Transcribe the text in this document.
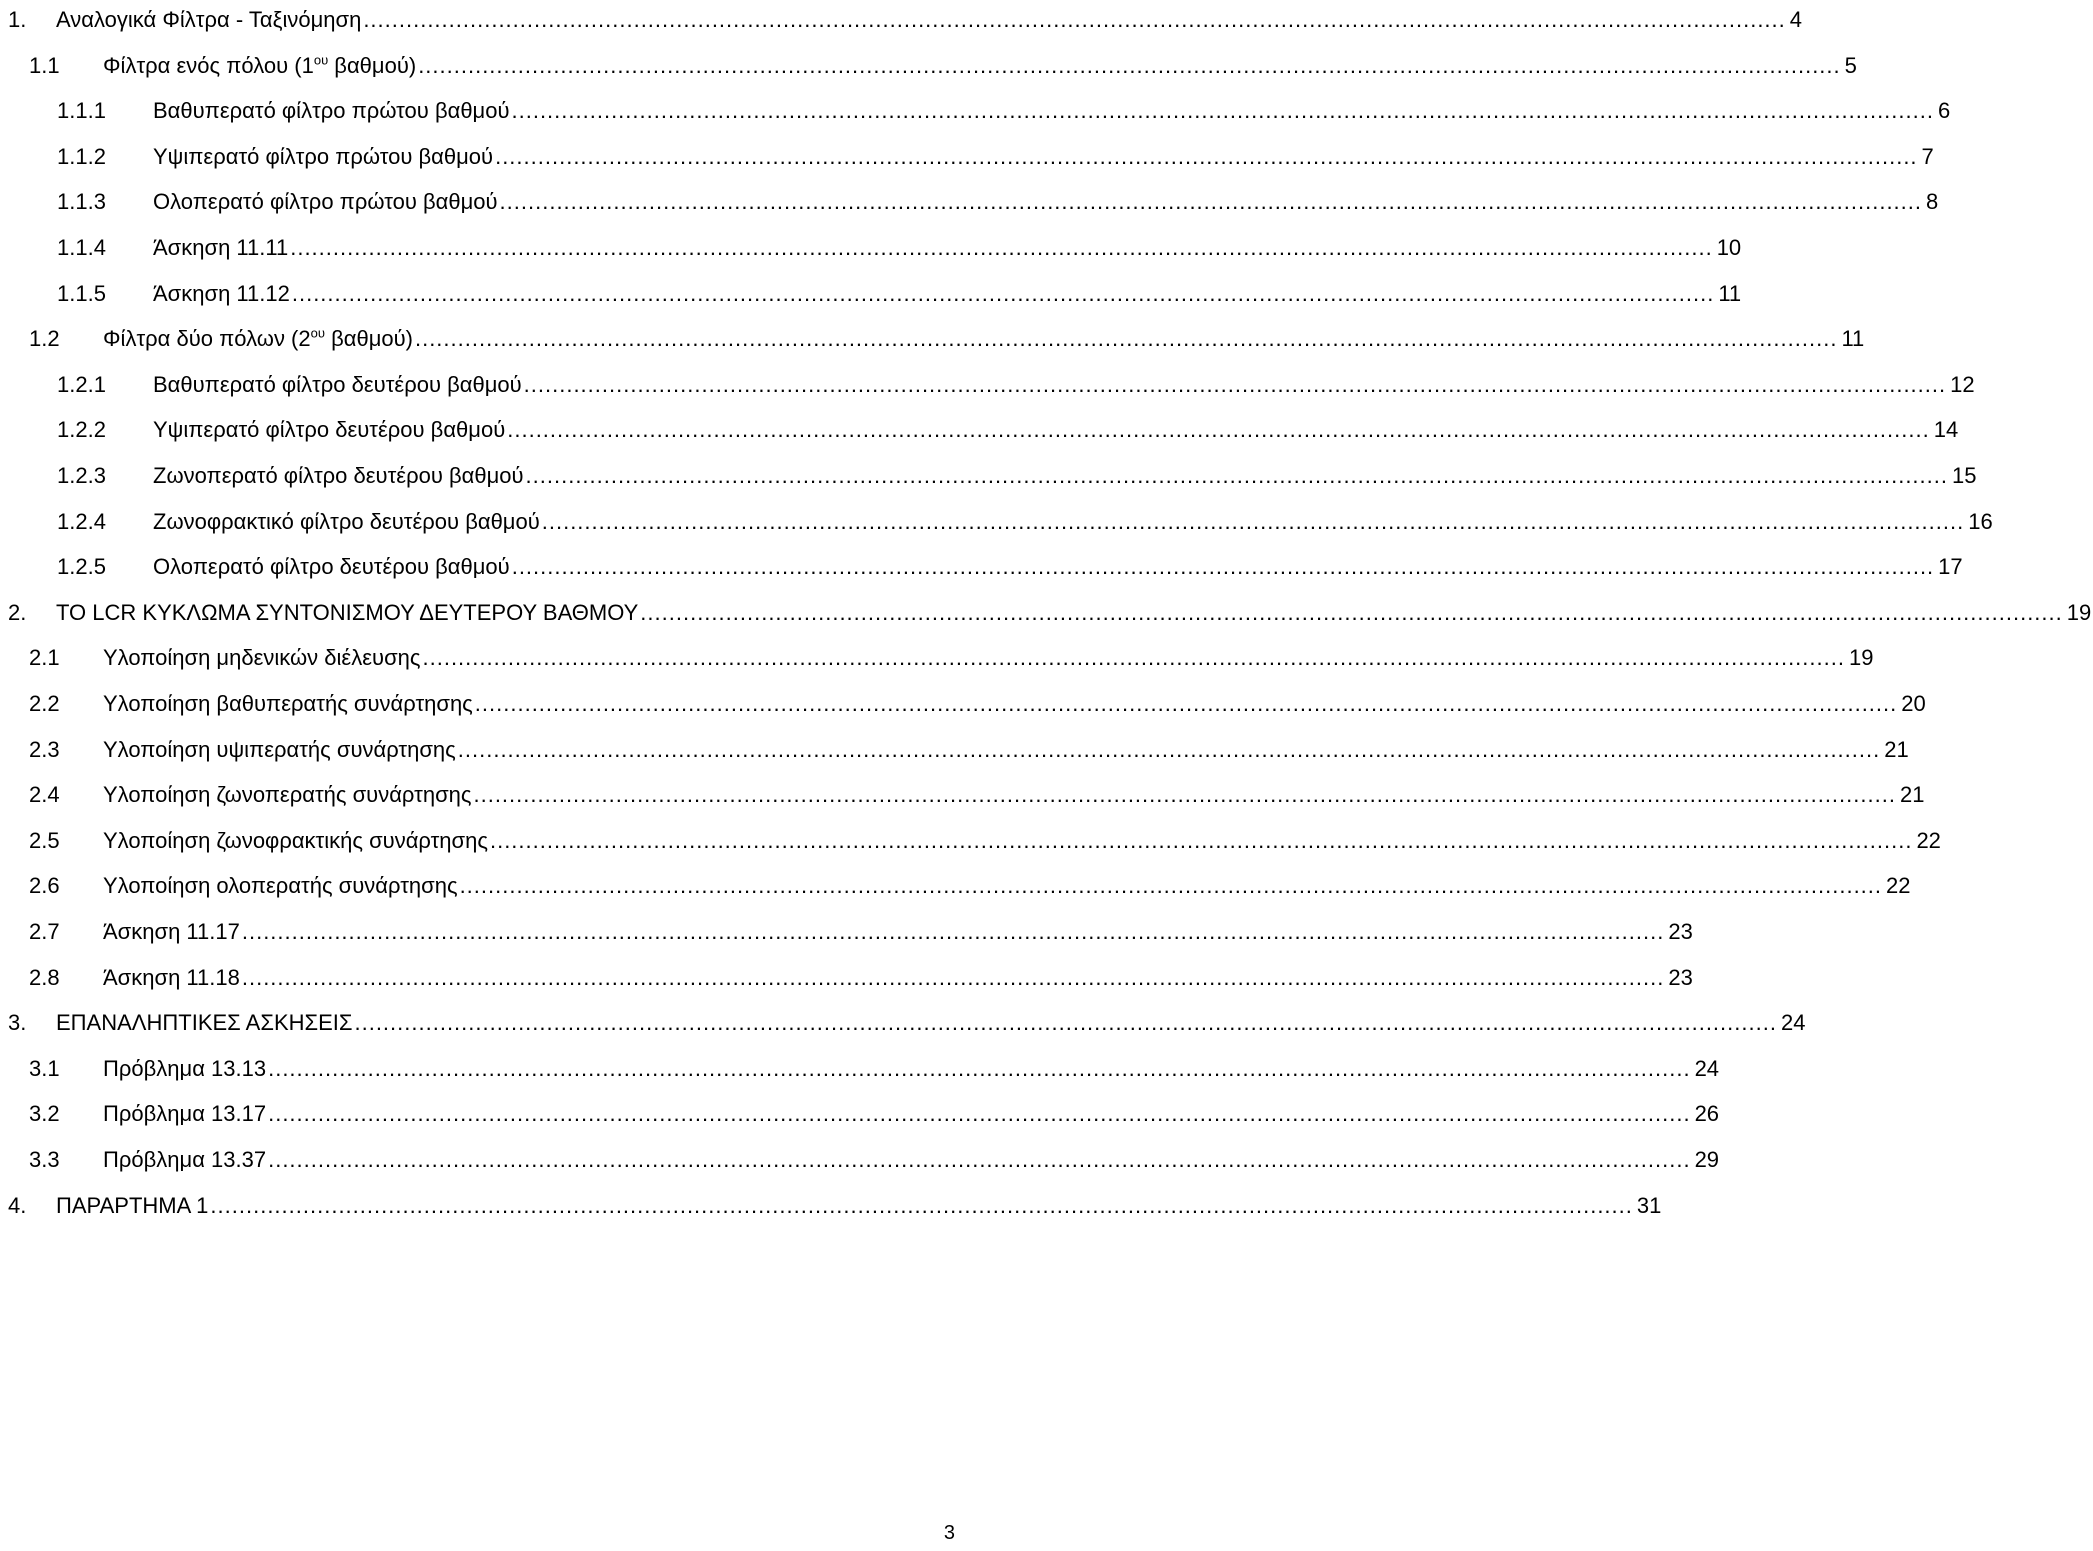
1.	Αναλογικά Φίλτρα - Ταξινόμηση ........................................................................................................................................................................................................ 4
1.1	Φίλτρα ενός πόλου ($1^{o\upsilon}$ βαθμού) ........................................................................................................................................................................................................ 5
1.1.1	Βαθυπερατό φίλτρο πρώτου βαθμού ........................................................................................................................................................................................................ 6
1.1.2	Υψιπερατό φίλτρο πρώτου βαθμού ........................................................................................................................................................................................................ 7
1.1.3	Ολοπερατό φίλτρο πρώτου βαθμού ........................................................................................................................................................................................................ 8
1.1.4	Άσκηση 11.11 ........................................................................................................................................................................................................ 10
1.1.5	Άσκηση 11.12 ........................................................................................................................................................................................................ 11
1.2	Φίλτρα δύο πόλων ($2^{o\upsilon}$ βαθμού) ........................................................................................................................................................................................................ 11
1.2.1	Βαθυπερατό φίλτρο δευτέρου βαθμού ........................................................................................................................................................................................................ 12
1.2.2	Υψιπερατό φίλτρο δευτέρου βαθμού ........................................................................................................................................................................................................ 14
1.2.3	Ζωνοπερατό φίλτρο δευτέρου βαθμού ........................................................................................................................................................................................................ 15
1.2.4	Ζωνοφρακτικό φίλτρο δευτέρου βαθμού ........................................................................................................................................................................................................ 16
1.2.5	Ολοπερατό φίλτρο δευτέρου βαθμού ........................................................................................................................................................................................................ 17
2.	ΤΟ LCR ΚΥΚΛΩΜΑ ΣΥΝΤΟΝΙΣΜΟΥ ΔΕΥΤΕΡΟΥ ΒΑΘΜΟΥ ........................................................................................................................................................................................................ 19
2.1	Υλοποίηση μηδενικών διέλευσης ........................................................................................................................................................................................................ 19
2.2	Υλοποίηση βαθυπερατής συνάρτησης ........................................................................................................................................................................................................ 20
2.3	Υλοποίηση υψιπερατής συνάρτησης ........................................................................................................................................................................................................ 21
2.4	Υλοποίηση ζωνοπερατής συνάρτησης ........................................................................................................................................................................................................ 21
2.5	Υλοποίηση ζωνοφρακτικής συνάρτησης ........................................................................................................................................................................................................ 22
2.6	Υλοποίηση ολοπερατής συνάρτησης ........................................................................................................................................................................................................ 22
2.7	Άσκηση 11.17 ........................................................................................................................................................................................................ 23
2.8	Άσκηση 11.18 ........................................................................................................................................................................................................ 23
3.	ΕΠΑΝΑΛΗΠΤΙΚΕΣ ΑΣΚΗΣΕΙΣ ........................................................................................................................................................................................................ 24
3.1	Πρόβλημα 13.13 ........................................................................................................................................................................................................ 24
3.2	Πρόβλημα 13.17 ........................................................................................................................................................................................................ 26
3.3	Πρόβλημα 13.37 ........................................................................................................................................................................................................ 29
4.	ΠΑΡΑΡΤΗΜΑ 1 ........................................................................................................................................................................................................ 31
3
